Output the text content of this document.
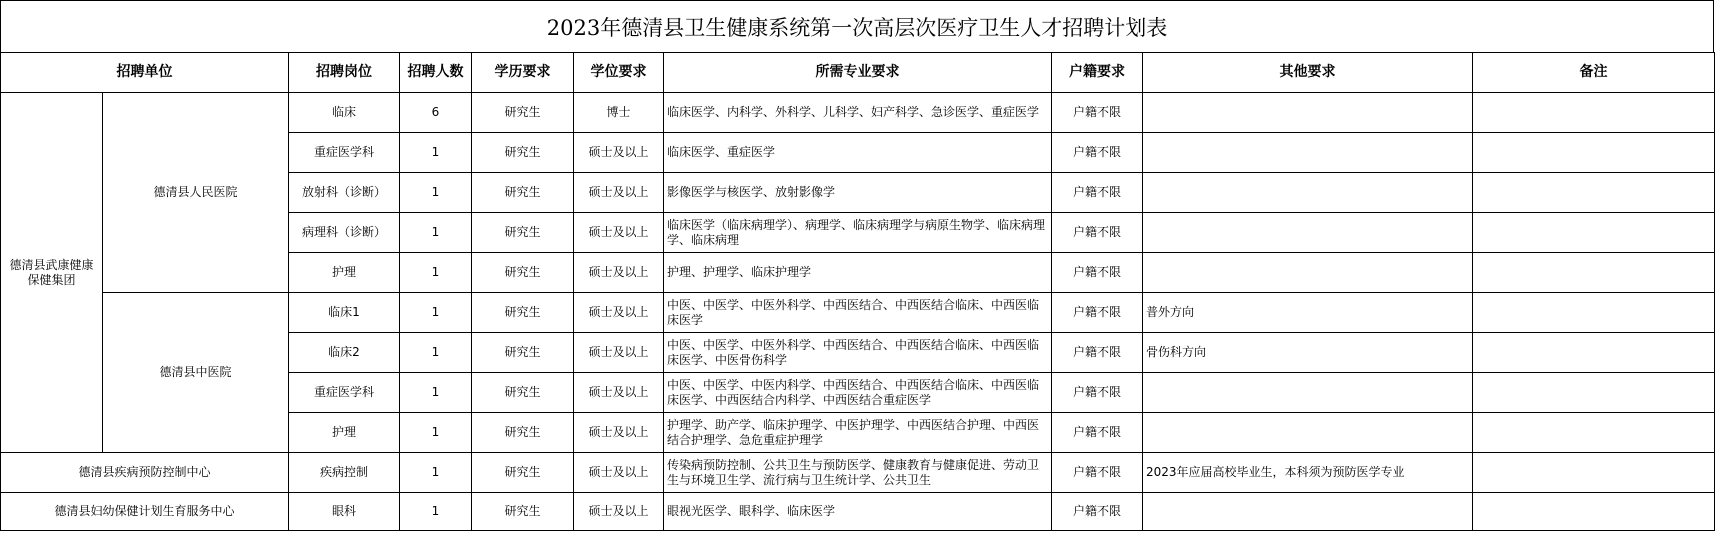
2023年德清县卫生健康系统第一次高层次医疗卫生人才招聘计划表
招聘单位		招聘岗位	招聘人数	学历要求	学位要求	所需专业要求	户籍要求	其他要求	备注
德清县武康健康保健集团	德清县人民医院	临床	6	研究生	博士	临床医学、内科学、外科学、儿科学、妇产科学、急诊医学、重症医学	户籍不限		
		重症医学科	1	研究生	硕士及以上	临床医学、重症医学	户籍不限		
		放射科（诊断）	1	研究生	硕士及以上	影像医学与核医学、放射影像学	户籍不限		
		病理科（诊断）	1	研究生	硕士及以上	临床医学（临床病理学）、病理学、临床病理学与病原生物学、临床病理学、临床病理	户籍不限		
		护理	1	研究生	硕士及以上	护理、护理学、临床护理学	户籍不限		
	德清县中医院	临床1	1	研究生	硕士及以上	中医、中医学、中医外科学、中西医结合、中西医结合临床、中西医临床医学	户籍不限	普外方向	
		临床2	1	研究生	硕士及以上	中医、中医学、中医外科学、中西医结合、中西医结合临床、中西医临床医学、中医骨伤科学	户籍不限	骨伤科方向	
		重症医学科	1	研究生	硕士及以上	中医、中医学、中医内科学、中西医结合、中西医结合临床、中西医临床医学、中西医结合内科学、中西医结合重症医学	户籍不限		
		护理	1	研究生	硕士及以上	护理学、助产学、临床护理学、中医护理学、中西医结合护理、中西医结合护理学、急危重症护理学	户籍不限		
德清县疾病预防控制中心		疾病控制	1	研究生	硕士及以上	传染病预防控制、公共卫生与预防医学、健康教育与健康促进、劳动卫生与环境卫生学、流行病与卫生统计学、公共卫生	户籍不限	2023年应届高校毕业生，本科须为预防医学专业	
德清县妇幼保健计划生育服务中心		眼科	1	研究生	硕士及以上	眼视光医学、眼科学、临床医学	户籍不限		
